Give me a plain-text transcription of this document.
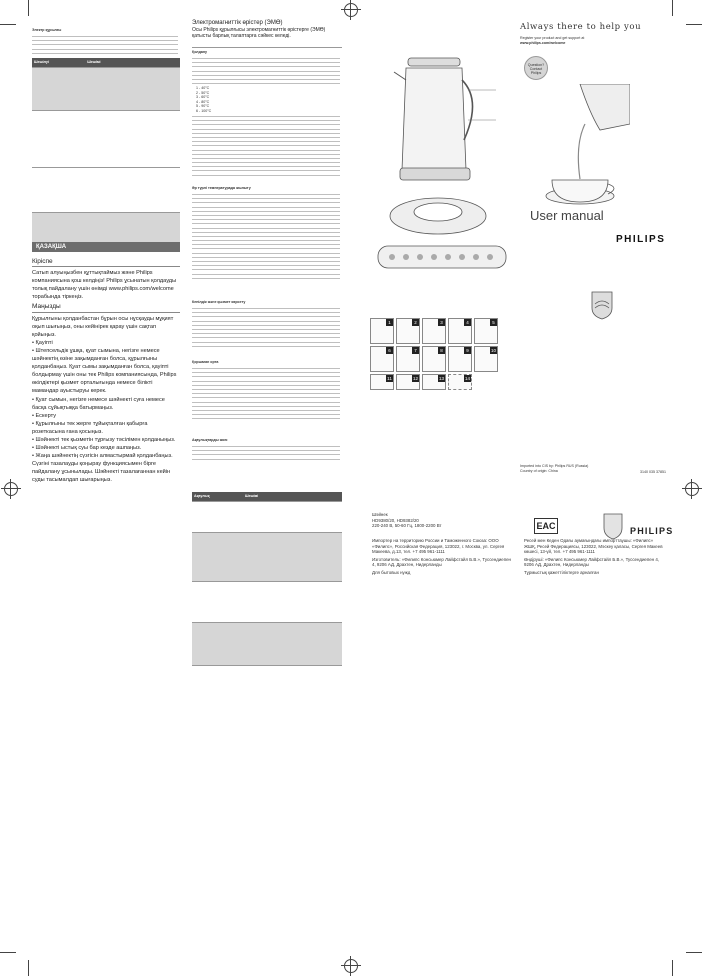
Электр құрылғы
Шешілуі	Шешімі

ҚАЗАҚША
Кіріспе

Сатып алуыңызбен құттықтаймыз және Philips компаниясына қош келдіңіз! Philips ұсынатын қолдауды толық пайдалану үшін өнімді www.philips.com/welcome торабында тіркеңіз.

Маңызды

Құрылғыны қолданбастан бұрын осы нұсқауды мұқият оқып шығыңыз, оны кейінірек қарау үшін сақтап қойыңыз.

• Қауіпті

• Штепсельдік ұшқа, қуат сымына, негізге немесе шәйнектің өзіне зақымданған болса, құрылғыны қолданбаңыз. Қуат сымы зақымданған болса, қауіпті болдырмау үшін оны тек Philips компаниясында, Philips өкілдіктері қызмет орталығында немесе білікті мамандар ауыстыруы керек.

• Қуат сымын, негізге немесе шәйнекті суға немесе басқа сұйықтыққа батырмаңыз.

• Ескерту

• Құрылғыны тек жерге тұйықталған қабырға розеткасына ғана қосыңыз.

• Шәйнекті тек қызметін тұрғызу тәсілімен қолданыңыз.

• Шәйнекті ыстық суы бар кезде ашпаңыз.

• Жаңа шәйнектің сүзгісін алмастырмай қолданбаңыз.

Сүзгіні тазалауды қоңырау функциясымен бірге пайдалану ұсынылады. Шәйнекті тазалағаннан кейін суды тасымалдап шығарыңыз.

Электромагниттік өрістер (ЭМӨ)
Осы Philips құрылғысы электромагниттік өрістерге (ЭМӨ) қатысты барлық талаптарға сәйкес келеді.
Қолдану
1 - 40°C
2 - 50°C
3 - 60°C
4 - 80°C
5 - 90°C
6 - 100°C
Әр түрлі температурада жылыту
Кепілдік және қызмет көрсету
Қоршаған орта
Ақаулықтарды жою
Ақаулық	Шешімі

1	2	3	4	5
6	7	8	9	10
11	12	13	14
Imported into CIS by: Philips RUS (Russia)
Country of origin: China	3140 035 37851
Always there to help you
Register your product and get support at
www.philips.com/welcome
Question?
Contact Philips
User manual
PHILIPS
Шәйнек
HD9380/20, HD9382/20
220-240 В, 50-60 Гц, 1800-2200 Вт	EAC	PHILIPS
Импортер на территорию России и Таможенного Союза: ООО «Филипс», Российская Федерация, 123022, г. Москва, ул. Сергея Макеева, д.13, тел. +7 495 961-1111
Изготовитель: «Филипс Консьюмер Лайфстайл Б.В.», Туссендиепен 4, 9206 АД, Драхтен, Нидерланды
Для бытовых нужд
Ресей мен Кеден Одағы аумағындағы импорттаушы: «Филипс» ЖШҚ, Ресей Федерациясы, 123022, Мәскеу қаласы, Сергея Макеев көшесі, 13-үй, тел. +7 495 961-1111
Өндіруші: «Филипс Консьюмер Лайфстайл Б.В.», Туссендиепен 4, 9206 АД, Драхтен, Нидерланды
Тұрмыстық қажеттіліктерге арналған
